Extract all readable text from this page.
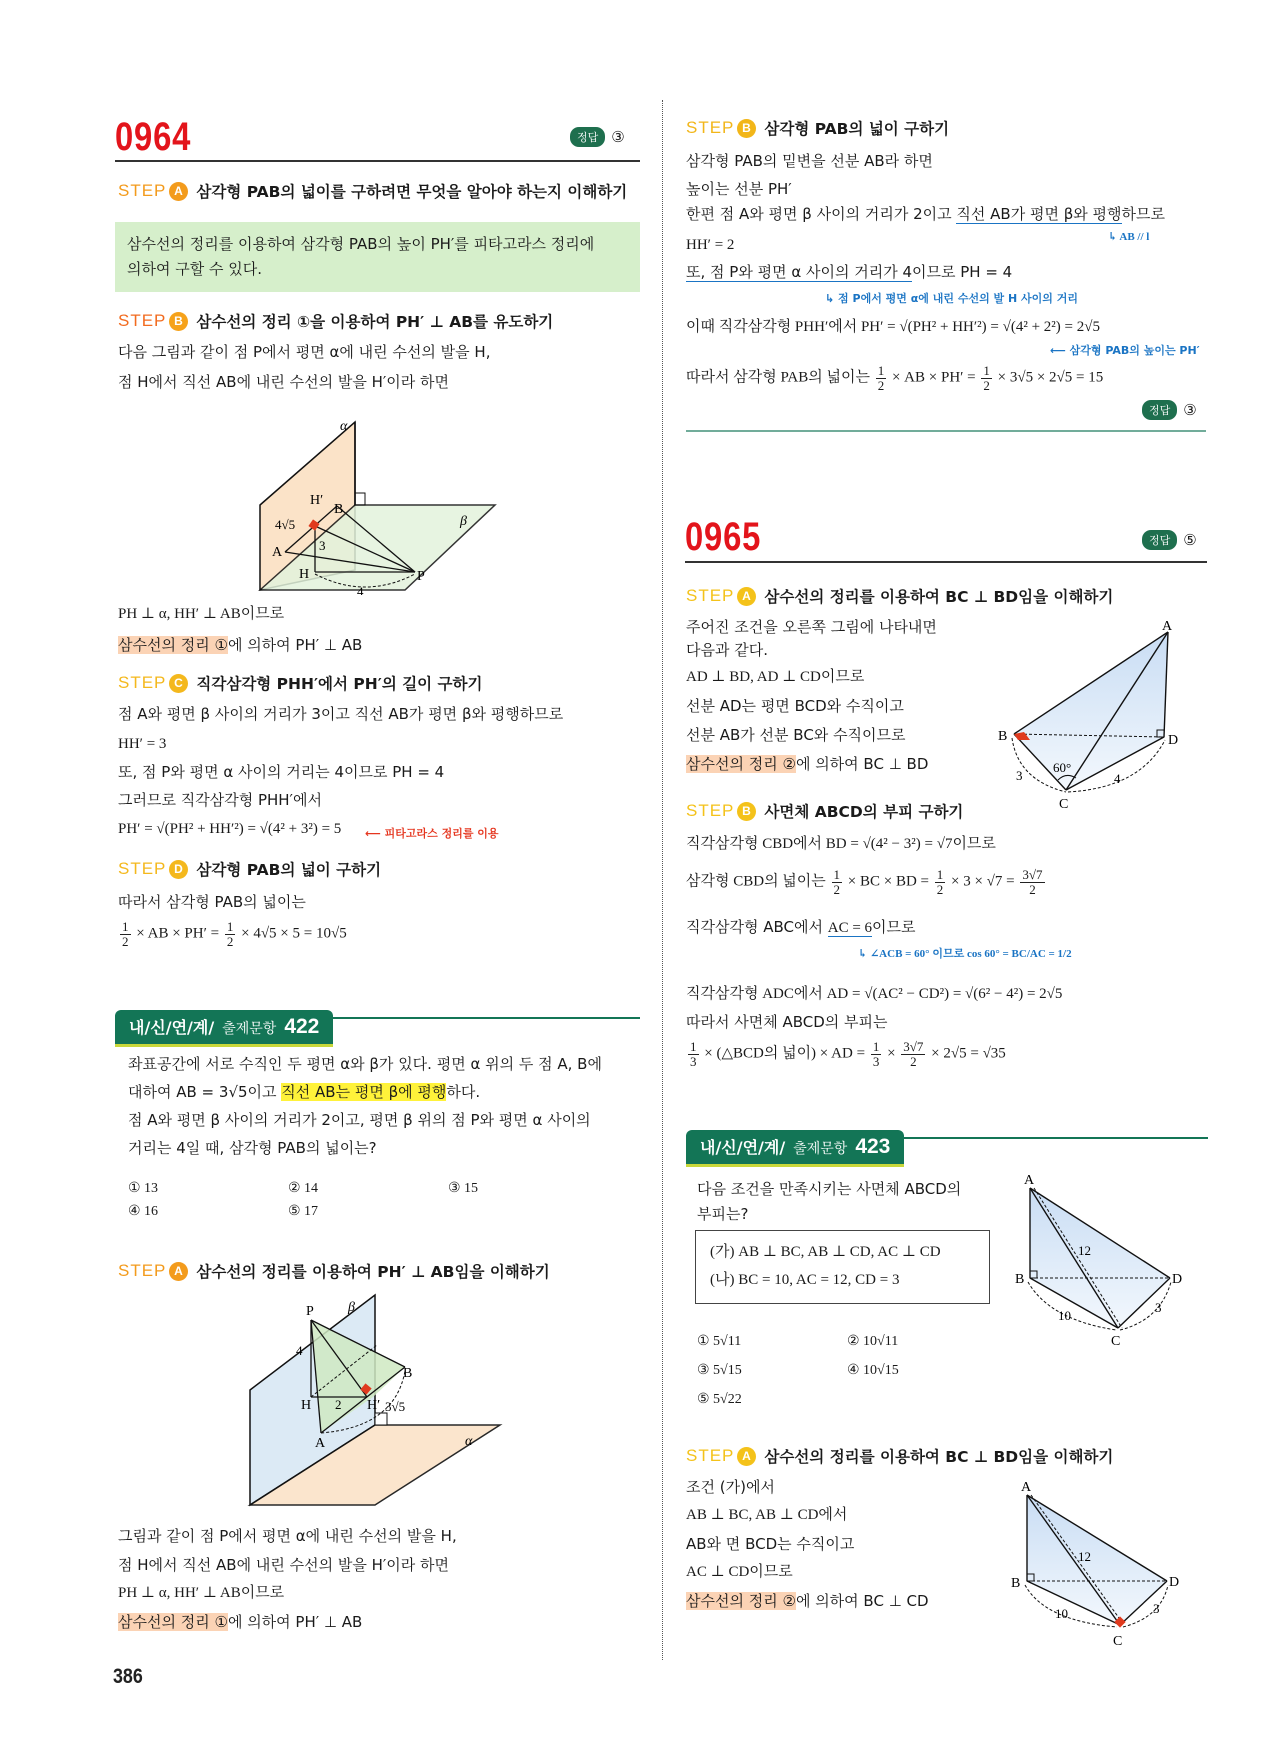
0964	정답 ③
STEP A 삼각형 PAB의 넓이를 구하려면 무엇을 알아야 하는지 이해하기
삼수선의 정리를 이용하여 삼각형 PAB의 높이 PH′를 피타고라스 정리에
의하여 구할 수 있다.
STEP B 삼수선의 정리 ①을 이용하여 PH′ ⊥ AB를 유도하기
다음 그림과 같이 점 P에서 평면 α에 내린 수선의 발을 H,
점 H에서 직선 AB에 내린 수선의 발을 H′이라 하면
α
β
H′
B
A
H	P
4√5
3
4
PH ⊥ α, HH′ ⊥ AB이므로
삼수선의 정리 ①에 의하여 PH′ ⊥ AB
STEP C 직각삼각형 PHH′에서 PH′의 길이 구하기
점 A와 평면 β 사이의 거리가 3이고 직선 AB가 평면 β와 평행하므로
HH′ = 3
또, 점 P와 평면 α 사이의 거리는 4이므로 PH = 4
그러므로 직각삼각형 PHH′에서
PH′ = √(PH² + HH′²) = √(4² + 3²) = 5 ⟵ 피타고라스 정리를 이용
STEP D 삼각형 PAB의 넓이 구하기
따라서 삼각형 PAB의 넓이는
$\frac{1}{2}$ × AB × $PH' = \frac{1}{2} \times 4√5 \times 5 = 10√5$
내/신/연/계/ 출제문항 422
좌표공간에 서로 수직인 두 평면 α와 β가 있다. 평면 α 위의 두 점 A, B에
대하여 AB = 3√5이고 직선 AB는 평면 β에 평행하다.
점 A와 평면 β 사이의 거리가 2이고, 평면 β 위의 점 P와 평면 α 사이의
거리는 4일 때, 삼각형 PAB의 넓이는?
① 13	② 14	③ 15
④ 16	⑤ 17
STEP A 삼수선의 정리를 이용하여 PH′ ⊥ AB임을 이해하기
β
α
P
B
H
A
H′
4
2	3√5
그림과 같이 점 P에서 평면 α에 내린 수선의 발을 H,
점 H에서 직선 AB에 내린 수선의 발을 H′이라 하면
PH ⊥ α, HH′ ⊥ AB이므로
삼수선의 정리 ①에 의하여 PH′ ⊥ AB
386
STEP B 삼각형 PAB의 넓이 구하기
삼각형 PAB의 밑변을 선분 AB라 하면
높이는 선분 PH′
한편 점 A와 평면 β 사이의 거리가 2이고 직선 AB가 평면 β와 평행하므로
↳ AB // l
HH′ = 2
또, 점 P와 평면 α 사이의 거리가 4이므로 PH = 4
↳ 점 P에서 평면 α에 내린 수선의 발 H 사이의 거리
이때 직각삼각형 PHH′에서 PH′ = √(PH² + HH′²) = √(4² + 2²) = 2√5
⟵ 삼각형 PAB의 높이는 PH′
따라서 삼각형 PAB의 넓이는 $\frac{1}{2}$ × AB × $PH' = \frac{1}{2} \times 3√5 \times 2√5 = 15$
정답 ③
0965	정답 ⑤
STEP A 삼수선의 정리를 이용하여 BC ⊥ BD임을 이해하기
주어진 조건을 오른쪽 그림에 나타내면
다음과 같다.
AD ⊥ BD, AD ⊥ CD이므로
선분 AD는 평면 BCD와 수직이고
선분 AB가 선분 BC와 수직이므로
삼수선의 정리 ②에 의하여 BC ⊥ BD
A
B
C
D
3	4
60°
STEP B 사면체 ABCD의 부피 구하기
직각삼각형 CBD에서 BD = √(4² − 3²) = √7이므로
삼각형 CBD의 넓이는 $\frac{1}{2}$ × BC × BD = $\frac{1}{2} \times 3 \times √7 = \frac{3√7}{2}$
직각삼각형 ABC에서 AC = 6이므로
↳ ∠ACB = 60° 이므로 cos 60° = BC/AC = 1/2
직각삼각형 ADC에서 AD = √(AC² − CD²) = √(6² − 4²) = 2√5
따라서 사면체 ABCD의 부피는
$\frac{1}{3}$ × (△BCD의 넓이) × AD = $\frac{1}{3} \times \frac{3√7}{2} \times 2√5 = √35$
내/신/연/계/ 출제문항 423
다음 조건을 만족시키는 사면체 ABCD의
부피는?
(가) AB ⊥ BC, AB ⊥ CD, AC ⊥ CD
(나) BC = 10, AC = 12, CD = 3
① 5√11	② 10√11
③ 5√15	④ 10√15
⑤ 5√22
A
B
C
D
12
10
3
STEP A 삼수선의 정리를 이용하여 BC ⊥ BD임을 이해하기
조건 (가)에서
AB ⊥ BC, AB ⊥ CD에서
AB와 면 BCD는 수직이고
AC ⊥ CD이므로
삼수선의 정리 ②에 의하여 BC ⊥ CD
A
B
C
D
12
10	3
